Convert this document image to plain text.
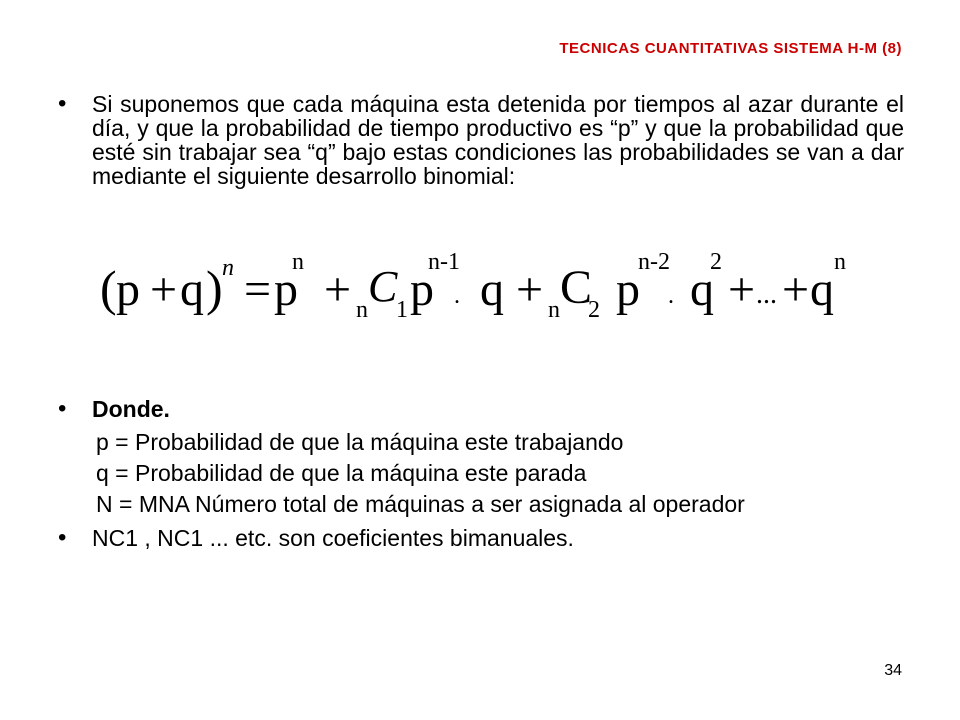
TECNICAS CUANTITATIVAS SISTEMA H-M (8)
•	Si suponemos que cada máquina esta detenida por tiempos al azar durante el día, y que la probabilidad de tiempo productivo es “p” y que la probabilidad que esté sin trabajar sea “q” bajo estas condiciones las probabilidades se van a dar mediante el siguiente desarrollo binomial:
( p + q ) n = p
n
+ n C
1 p
n-1
. q + n C
2 p
n-2
. q
2
+ ... + q
n
•	Donde.
p = Probabilidad de que la máquina este trabajando
q = Probabilidad de que la máquina este parada
N = MNA Número total de máquinas a ser asignada al operador
•	NC1 , NC1 ... etc. son coeficientes bimanuales.
34
